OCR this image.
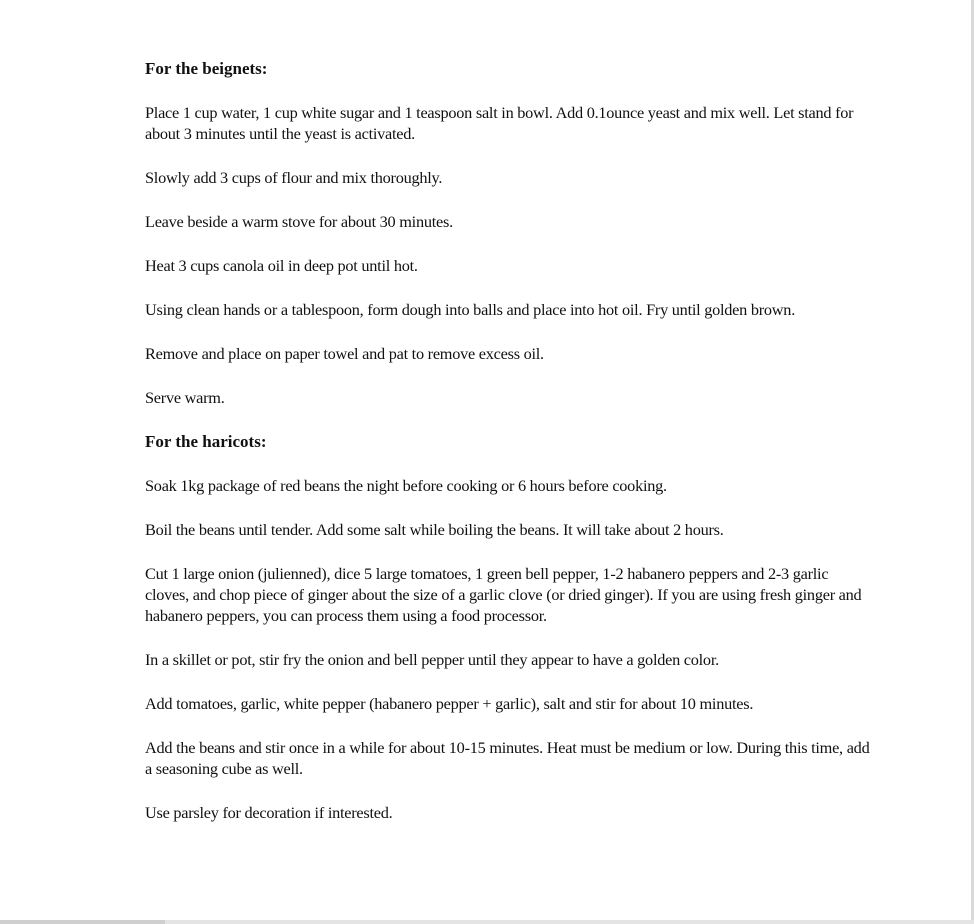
For the beignets:

Place 1 cup water, 1 cup white sugar and 1 teaspoon salt in bowl. Add 0.1ounce yeast and mix well. Let stand for about 3 minutes until the yeast is activated.

Slowly add 3 cups of flour and mix thoroughly.

Leave beside a warm stove for about 30 minutes.

Heat 3 cups canola oil in deep pot until hot.

Using clean hands or a tablespoon, form dough into balls and place into hot oil. Fry until golden brown.

Remove and place on paper towel and pat to remove excess oil.

Serve warm.

For the haricots:

Soak 1kg package of red beans the night before cooking or 6 hours before cooking.

Boil the beans until tender. Add some salt while boiling the beans. It will take about 2 hours.

Cut 1 large onion (julienned), dice 5 large tomatoes, 1 green bell pepper, 1-2 habanero peppers and 2-3 garlic cloves, and chop piece of ginger about the size of a garlic clove (or dried ginger). If you are using fresh ginger and habanero peppers, you can process them using a food processor.

In a skillet or pot, stir fry the onion and bell pepper until they appear to have a golden color.

Add tomatoes, garlic, white pepper (habanero pepper + garlic), salt and stir for about 10 minutes.

Add the beans and stir once in a while for about 10-15 minutes. Heat must be medium or low. During this time, add a seasoning cube as well.

Use parsley for decoration if interested.
